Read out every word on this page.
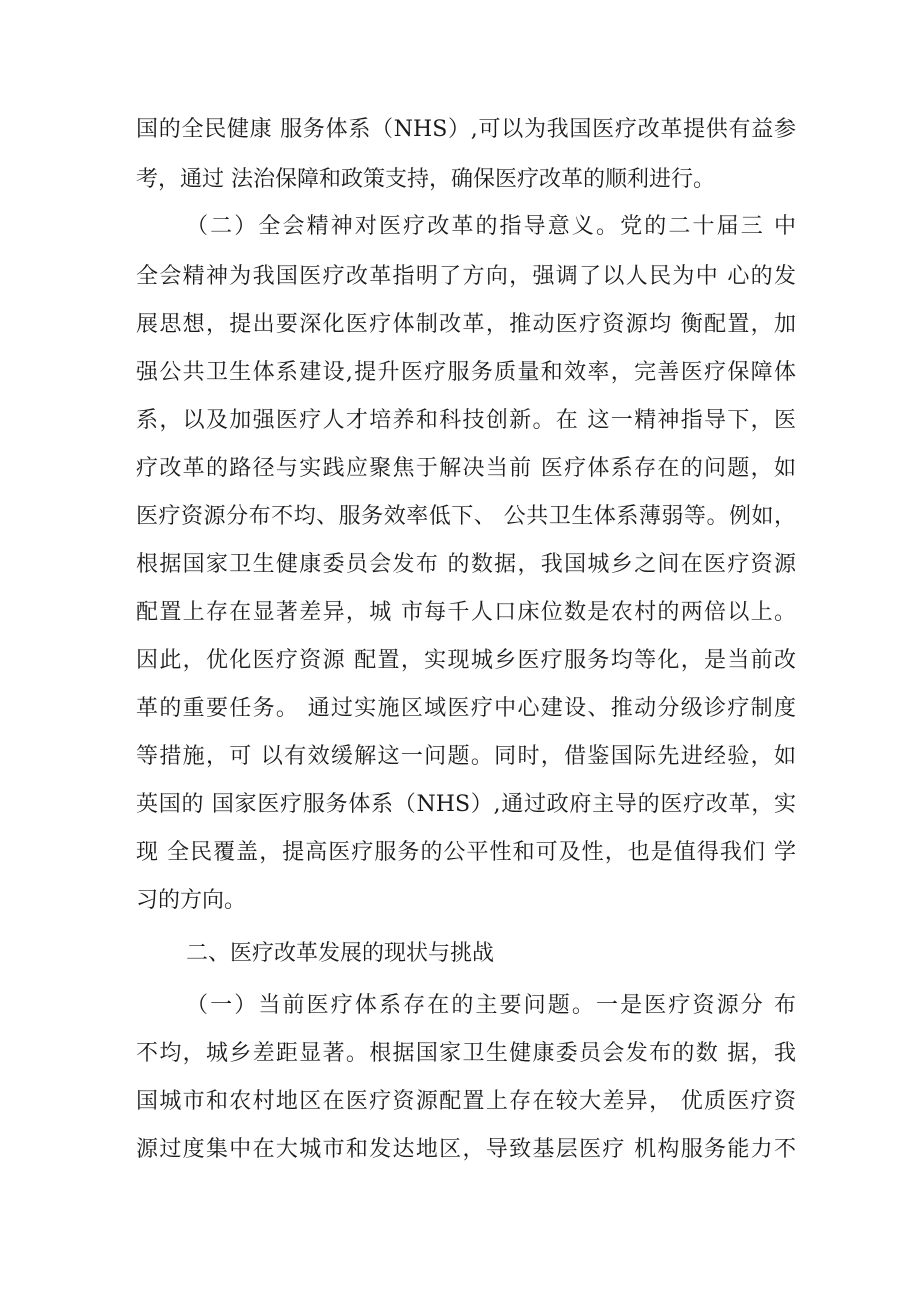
国的全民健康 服务体系（NHS）,可以为我国医疗改革提供有益参
考，通过 法治保障和政策支持，确保医疗改革的顺利进行。
（二）全会精神对医疗改革的指导意义。党的二十届三 中
全会精神为我国医疗改革指明了方向，强调了以人民为中 心的发
展思想，提出要深化医疗体制改革，推动医疗资源均 衡配置，加
强公共卫生体系建设,提升医疗服务质量和效率，完善医疗保障体
系，以及加强医疗人才培养和科技创新。在 这一精神指导下，医
疗改革的路径与实践应聚焦于解决当前 医疗体系存在的问题，如
医疗资源分布不均、服务效率低下、 公共卫生体系薄弱等。例如，
根据国家卫生健康委员会发布 的数据，我国城乡之间在医疗资源
配置上存在显著差异，城 市每千人口床位数是农村的两倍以上。
因此，优化医疗资源 配置，实现城乡医疗服务均等化，是当前改
革的重要任务。 通过实施区域医疗中心建设、推动分级诊疗制度
等措施，可 以有效缓解这一问题。同时，借鉴国际先进经验，如
英国的 国家医疗服务体系（NHS）,通过政府主导的医疗改革，实
现 全民覆盖，提高医疗服务的公平性和可及性，也是值得我们 学
习的方向。
二、医疗改革发展的现状与挑战
（一）当前医疗体系存在的主要问题。一是医疗资源分 布
不均，城乡差距显著。根据国家卫生健康委员会发布的数 据，我
国城市和农村地区在医疗资源配置上存在较大差异， 优质医疗资
源过度集中在大城市和发达地区，导致基层医疗 机构服务能力不
